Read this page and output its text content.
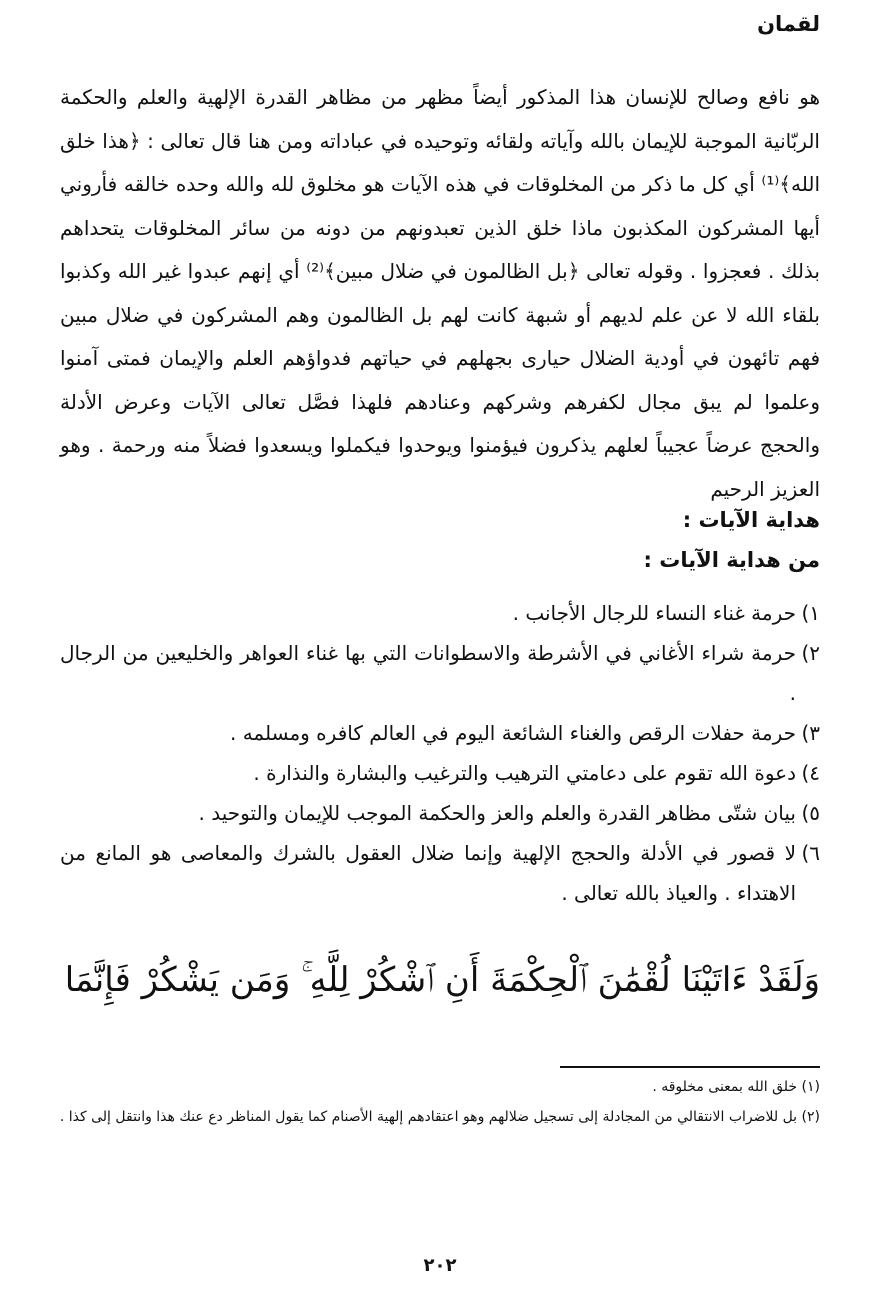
لقمان

هو نافع وصالح للإنسان هذا المذكور أيضاً مظهر من مظاهر القدرة الإلهية والعلم والحكمة الربّانية الموجبة للإيمان بالله وآياته ولقائه وتوحيده في عباداته ومن هنا قال تعالى : ﴿هذا خلق الله﴾⁽¹⁾ أي كل ما ذكر من المخلوقات في هذه الآيات هو مخلوق لله والله وحده خالقه فأروني أيها المشركون المكذبون ماذا خلق الذين تعبدونهم من دونه من سائر المخلوقات يتحداهم بذلك . فعجزوا . وقوله تعالى ﴿بل الظالمون في ضلال مبين﴾⁽²⁾ أي إنهم عبدوا غير الله وكذبوا بلقاء الله لا عن علم لديهم أو شبهة كانت لهم بل الظالمون وهم المشركون في ضلال مبين فهم تائهون في أودية الضلال حيارى بجهلهم في حياتهم فدواؤهم العلم والإيمان فمتى آمنوا وعلموا لم يبق مجال لكفرهم وشركهم وعنادهم فلهذا فصَّل تعالى الآيات وعرض الأدلة والحجج عرضاً عجيباً لعلهم يذكرون فيؤمنوا ويوحدوا فيكملوا ويسعدوا فضلاً منه ورحمة . وهو العزيز الرحيم

هداية الآيات :
من هداية الآيات :
١)
حرمة غناء النساء للرجال الأجانب .
٢)
حرمة شراء الأغاني في الأشرطة والاسطوانات التي بها غناء العواهر والخليعين من الرجال .
٣)
حرمة حفلات الرقص والغناء الشائعة اليوم في العالم كافره ومسلمه .
٤)
دعوة الله تقوم على دعامتي الترهيب والترغيب والبشارة والنذارة .
٥)
بيان شتّى مظاهر القدرة والعلم والعز والحكمة الموجب للإيمان والتوحيد .
٦)
لا قصور في الأدلة والحجج الإلهية وإنما ضلال العقول بالشرك والمعاصى هو المانع من الاهتداء . والعياذ بالله تعالى .
وَلَقَدْ ءَاتَيْنَا لُقْمَٰنَ ٱلْحِكْمَةَ أَنِ ٱشْكُرْ لِلَّهِ ۚ وَمَن يَشْكُرْ فَإِنَّمَا

(١) خلق الله بمعنى مخلوقه .

(٢) بل للاضراب الانتقالي من المجادلة إلى تسجيل ضلالهم وهو اعتقادهم إلهية الأصنام كما يقول المناظر دع عنك هذا وانتقل إلى كذا .

٢٠٢
